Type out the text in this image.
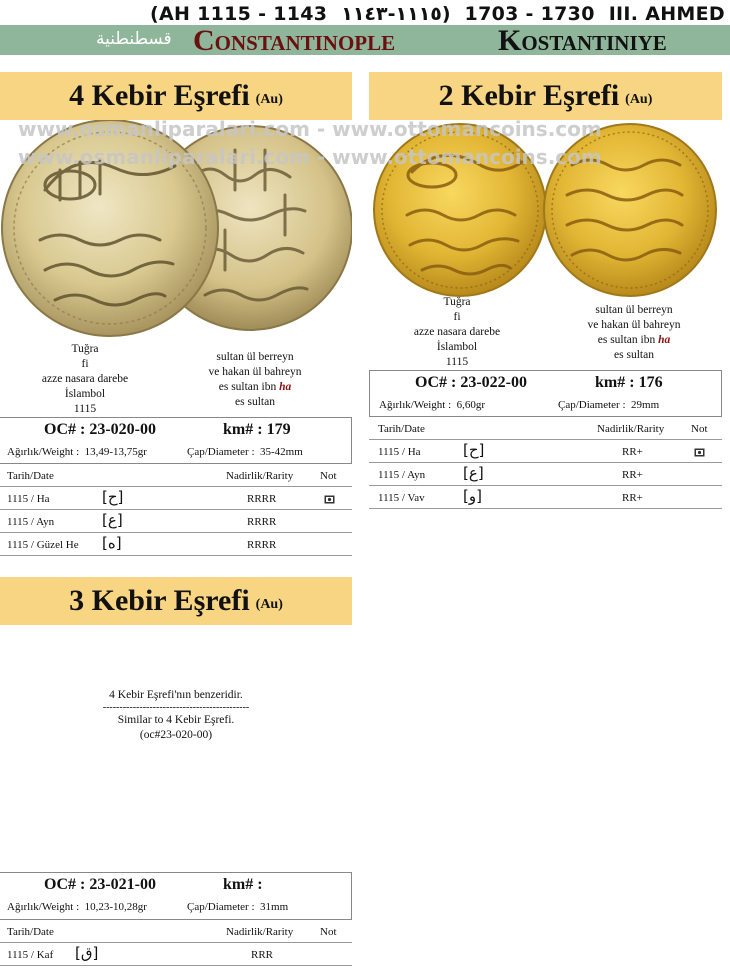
(AH 1115 - 1143 ١١١٥-١١٤٣) 1703 - 1730 III. AHMED
قسطنطنية Constantinople	Kostantiniye
4 Kebir Eşrefi (Au)	2 Kebir Eşrefi (Au)
www.osmanliparalari.com - www.ottomancoins.com
www.osmanliparalari.com - www.ottomancoins.com
Tuğra
fi
azze nasara darebe
İslambol
1115
sultan ül berreyn
ve hakan ül bahreyn
es sultan ibn ha
es sultan
Tuğra
fi
azze nasara darebe
İslambol
1115
sultan ül berreyn
ve hakan ül bahreyn
es sultan ibn ha
es sultan
OC# : 23-020-00	km# : 179
Ağırlık/Weight : 13,49-13,75gr	Çap/Diameter : 35-42mm
Tarih/Date	Nadirlik/Rarity Not
1115 / Ha	[ح]	RRRR
1115 / Ayn	[ع]	RRRR
1115 / Güzel He [ه]	RRRR
OC# : 23-022-00	km# : 176
Ağırlık/Weight : 6,60gr	Çap/Diameter : 29mm
Tarih/Date	Nadirlik/Rarity Not
1115 / Ha	[ح]	RR+
1115 / Ayn	[ع]	RR+
1115 / Vav	[و]	RR+
3 Kebir Eşrefi (Au)
4 Kebir Eşrefi'nın benzeridir.
--------------------------------------------
Similar to 4 Kebir Eşrefi.
(oc#23-020-00)
OC# : 23-021-00	km# :
Ağırlık/Weight : 10,23-10,28gr	Çap/Diameter : 31mm
Tarih/Date	Nadirlik/Rarity Not
1115 / Kaf [ق]	RRR
